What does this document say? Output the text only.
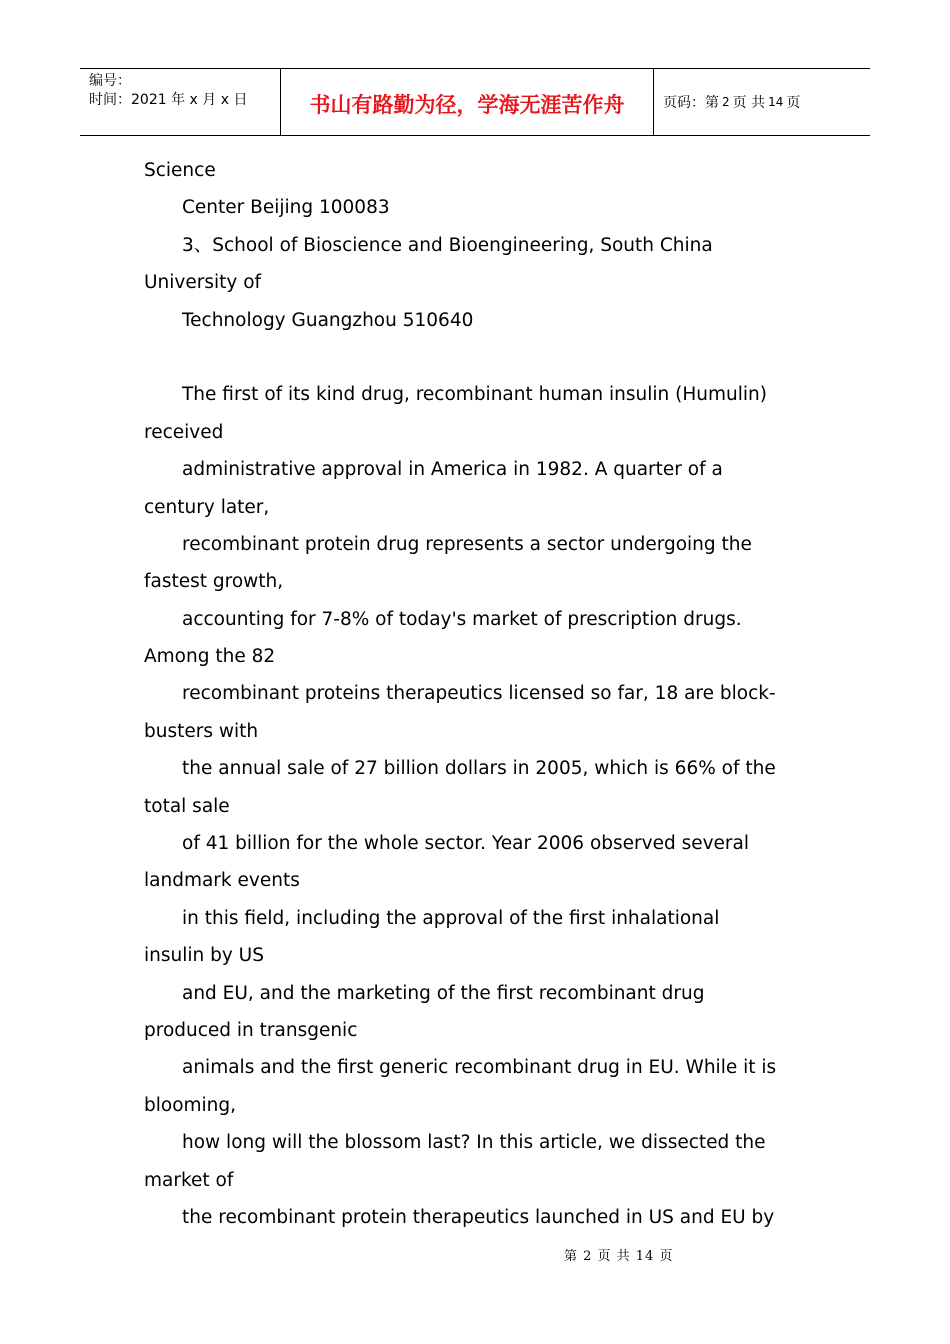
编号：
时间：2021 年 x 月 x 日	书山有路勤为径，学海无涯苦作舟	页码：第 2 页 共 14 页
Science
Center Beijing 100083
3、School of Bioscience and Bioengineering, South China
University of
Technology Guangzhou 510640
The first of its kind drug, recombinant human insulin (Humulin)
received
administrative approval in America in 1982. A quarter of a
century later,
recombinant protein drug represents a sector undergoing the
fastest growth,
accounting for 7-8% of today's market of prescription drugs.
Among the 82
recombinant proteins therapeutics licensed so far, 18 are block-
busters with
the annual sale of 27 billion dollars in 2005, which is 66% of the
total sale
of 41 billion for the whole sector. Year 2006 observed several
landmark events
in this field, including the approval of the first inhalational
insulin by US
and EU, and the marketing of the first recombinant drug
produced in transgenic
animals and the first generic recombinant drug in EU. While it is
blooming,
how long will the blossom last? In this article, we dissected the
market of
the recombinant protein therapeutics launched in US and EU by
第 2 页 共 14 页
